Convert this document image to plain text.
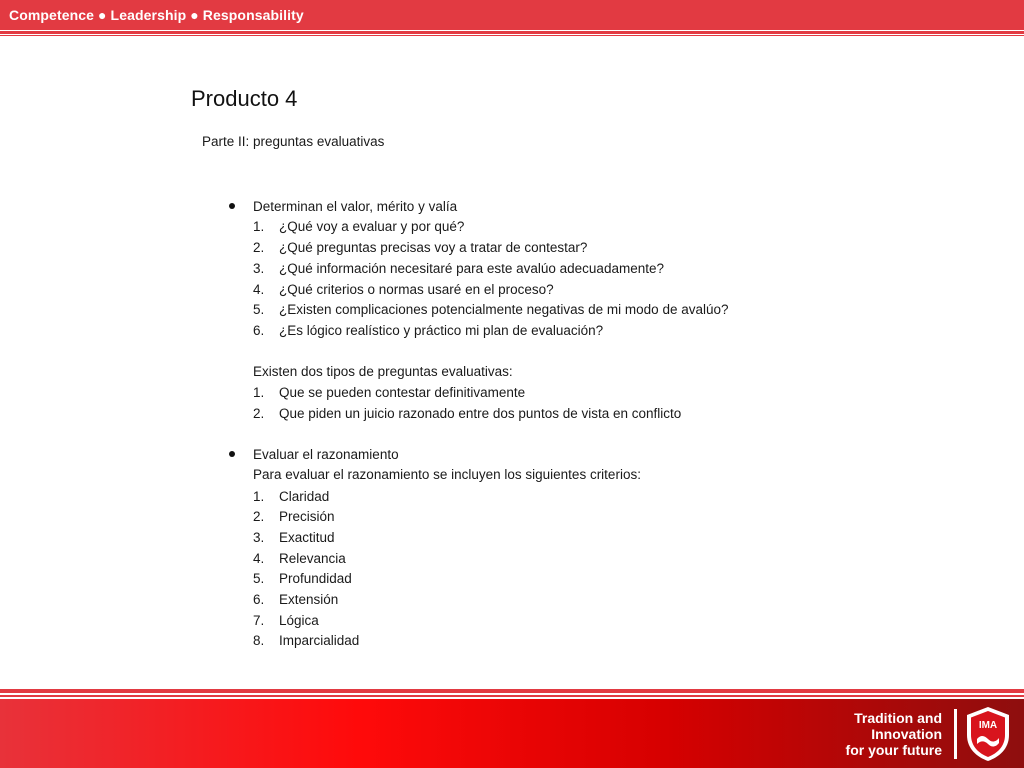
Competence ● Leadership ● Responsability
Producto 4
Parte II: preguntas evaluativas
Determinan el valor, mérito y valía
1. ¿Qué voy a evaluar y por qué?
2. ¿Qué preguntas precisas voy a tratar de contestar?
3. ¿Qué información necesitaré para este avalúo adecuadamente?
4. ¿Qué criterios o normas usaré en el proceso?
5. ¿Existen complicaciones potencialmente negativas de mi modo de avalúo?
6. ¿Es lógico realístico y práctico mi plan de evaluación?
Existen dos tipos de preguntas evaluativas:
1. Que se pueden contestar definitivamente
2. Que piden un juicio razonado entre dos puntos de vista en conflicto
Evaluar el razonamiento
Para evaluar el razonamiento se incluyen los siguientes criterios:
1. Claridad
2. Precisión
3. Exactitud
4. Relevancia
5. Profundidad
6. Extensión
7. Lógica
8. Imparcialidad
Tradition and
Innovation
for your future
IMA
